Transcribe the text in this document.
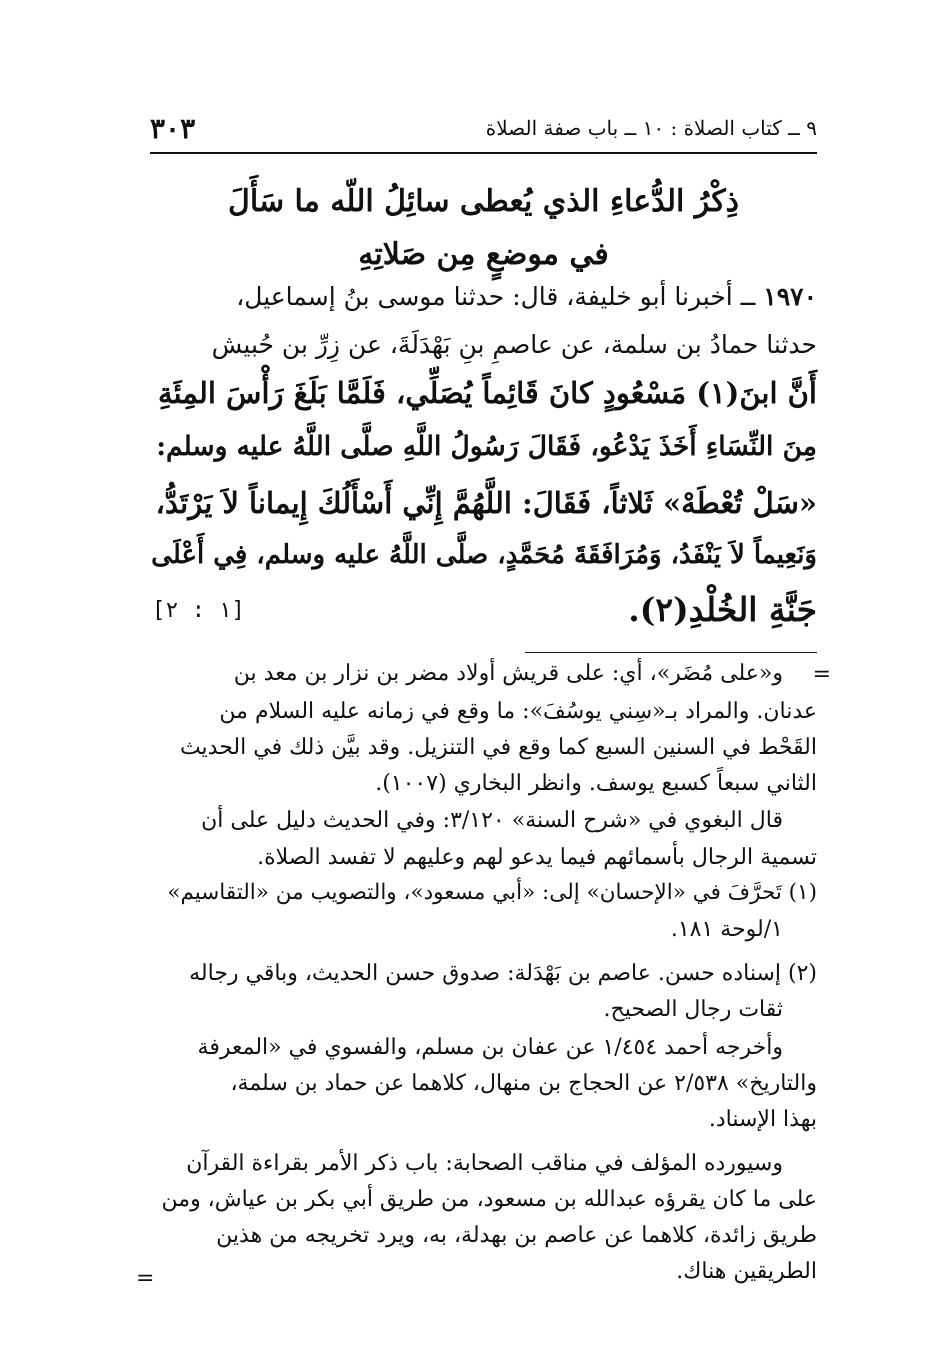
٣٠٣	٩ ــ كتاب الصلاة : ١٠ ــ باب صفة الصلاة
ذِكْرُ الدُّعاءِ الذي يُعطى سائِلُ اللّه ما سَأَلَ
في موضعٍ مِن صَلاتِهِ
١٩٧٠ ــ أخبرنا أبو خليفة، قال: حدثنا موسى بنُ إسماعيل،
حدثنا حمادُ بن سلمة، عن عاصمِ بنِ بَهْدَلَةَ، عن زِرِّ بن حُبيش
أَنَّ ابنَ(١) مَسْعُودٍ كانَ قَائِماً يُصَلِّي، فَلَمَّا بَلَغَ رَأْسَ المِئَةِ
مِنَ النِّسَاءِ أَخَذَ يَدْعُو، فَقَالَ رَسُولُ اللَّهِ صلَّى اللَّهُ عليه وسلم:
«سَلْ تُعْطَهْ» ثَلاثاً، فَقَالَ: اللَّهُمَّ إِنِّي أَسْأَلُكَ إِيماناً لاَ يَرْتَدُّ،
وَنَعِيماً لاَ يَنْفَدُ، وَمُرَافَقَةَ مُحَمَّدٍ، صلَّى اللَّهُ عليه وسلم، فِي أَعْلَى
جَنَّةِ الخُلْدِ(٢).
[١ : ٢]
=
و«على مُضَر»، أي: على قريش أولاد مضر بن نزار بن معد بن
عدنان. والمراد بـ«سِني يوسُفَ»: ما وقع في زمانه عليه السلام من
القَحْط في السنين السبع كما وقع في التنزيل. وقد بيَّن ذلك في الحديث
الثاني سبعاً كسبع يوسف. وانظر البخاري (١٠٠٧).
قال البغوي في «شرح السنة» ٣/١٢٠: وفي الحديث دليل على أن
تسمية الرجال بأسمائهم فيما يدعو لهم وعليهم لا تفسد الصلاة.
(١) تَحرَّفَ في «الإحسان» إلى: «أبي مسعود»، والتصويب من «التقاسيم»
١/لوحة ١٨١.
(٢) إسناده حسن. عاصم بن بَهْدَلة: صدوق حسن الحديث، وباقي رجاله
ثقات رجال الصحيح.
وأخرجه أحمد ١/٤٥٤ عن عفان بن مسلم، والفسوي في «المعرفة
والتاريخ» ٢/٥٣٨ عن الحجاج بن منهال، كلاهما عن حماد بن سلمة،
بهذا الإسناد.
وسيورده المؤلف في مناقب الصحابة: باب ذكر الأمر بقراءة القرآن
على ما كان يقرؤه عبدالله بن مسعود، من طريق أبي بكر بن عياش، ومن
طريق زائدة، كلاهما عن عاصم بن بهدلة، به، ويرد تخريجه من هذين
الطريقين هناك.
=
